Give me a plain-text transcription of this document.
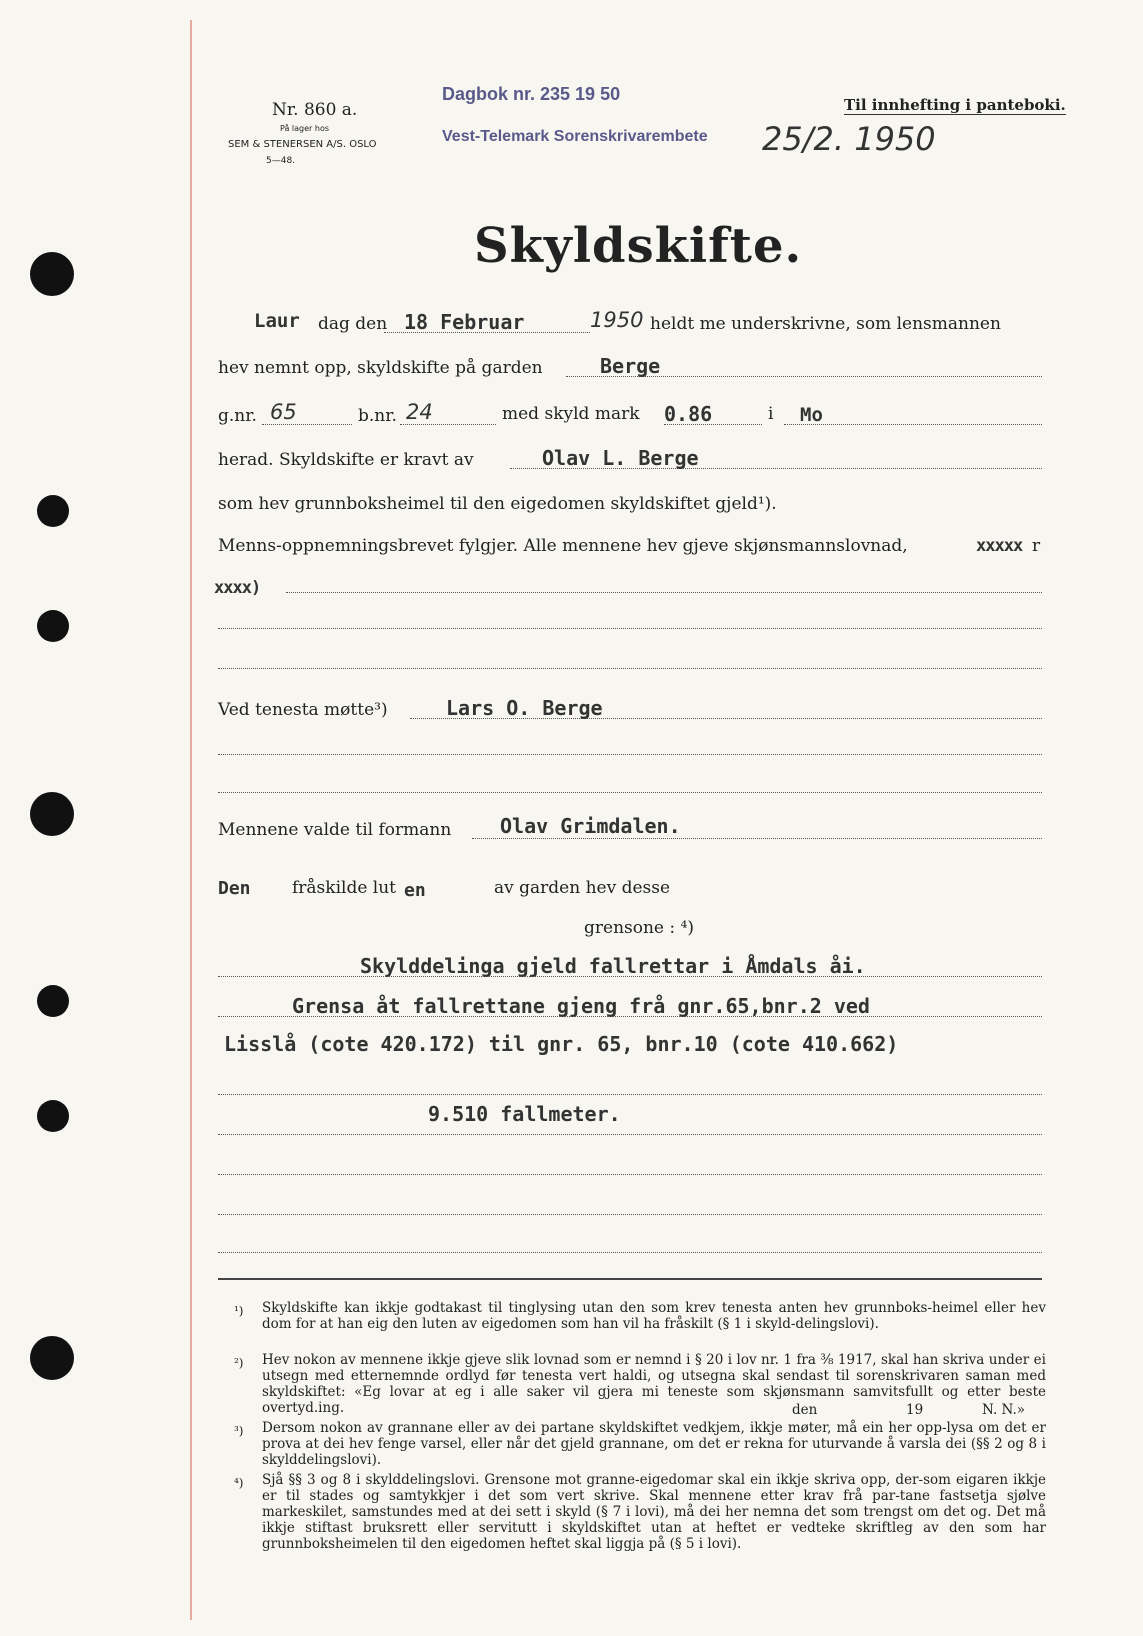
Nr. 860 a.
På lager hos
SEM & STENERSEN A/S. OSLO
5—48.
Dagbok nr. 235 19 50
Vest-Telemark Sorenskrivarembete 25/2. 1950
Til innhefting i panteboki.
Skyldskifte.
Laur dag den 18 Februar	1950 heldt me underskrivne, som lensmannen
hev nemnt opp, skyldskifte på garden	Berge
g.nr. 65	b.nr. 24	med skyld mark 0.86	i Mo
herad. Skyldskifte er kravt av	Olav L. Berge
som hev grunnboksheimel til den eigedomen skyldskiftet gjeld¹).
Menns-oppnemningsbrevet fylgjer. Alle mennene hev gjeve skjønsmannslovnad,	xxxxx r
xxxx)
Ved tenesta møtte³)	Lars O. Berge
Mennene valde til formann Olav Grimdalen.
Den fråskilde lut en	av garden hev desse
grensone : ⁴)
Skylddelinga gjeld fallrettar i Åmdals åi.
Grensa åt fallrettane gjeng frå gnr.65,bnr.2 ved
Lisslå (cote 420.172) til gnr. 65, bnr.10 (cote 410.662)
9.510 fallmeter.
¹) Skyldskifte kan ikkje godtakast til tinglysing utan den som krev tenesta anten hev grunnboks-heimel eller hev dom for at han eig den luten av eigedomen som han vil ha fråskilt (§ 1 i skyld-delingslovi).
²) Hev nokon av mennene ikkje gjeve slik lovnad som er nemnd i § 20 i lov nr. 1 fra ⅜ 1917, skal han skriva under ei utsegn med etternemnde ordlyd før tenesta vert haldi, og utsegna skal sendast til sorenskrivaren saman med skyldskiftet: «Eg lovar at eg i alle saker vil gjera mi teneste som skjønsmann samvitsfullt og etter beste overtyd.ing.	den	19	N. N.»
³) Dersom nokon av grannane eller av dei partane skyldskiftet vedkjem, ikkje møter, må ein her opp-lysa om det er prova at dei hev fenge varsel, eller når det gjeld grannane, om det er rekna for uturvande å varsla dei (§§ 2 og 8 i skylddelingslovi).
⁴) Sjå §§ 3 og 8 i skylddelingslovi. Grensone mot granne-eigedomar skal ein ikkje skriva opp, der-som eigaren ikkje er til stades og samtykkjer i det som vert skrive. Skal mennene etter krav frå par-tane fastsetja sjølve markeskilet, samstundes med at dei sett i skyld (§ 7 i lovi), må dei her nemna det som trengst om det og. Det må ikkje stiftast bruksrett eller servitutt i skyldskiftet utan at heftet er vedteke skriftleg av den som har grunnboksheimelen til den eigedomen heftet skal liggja på (§ 5 i lovi).
